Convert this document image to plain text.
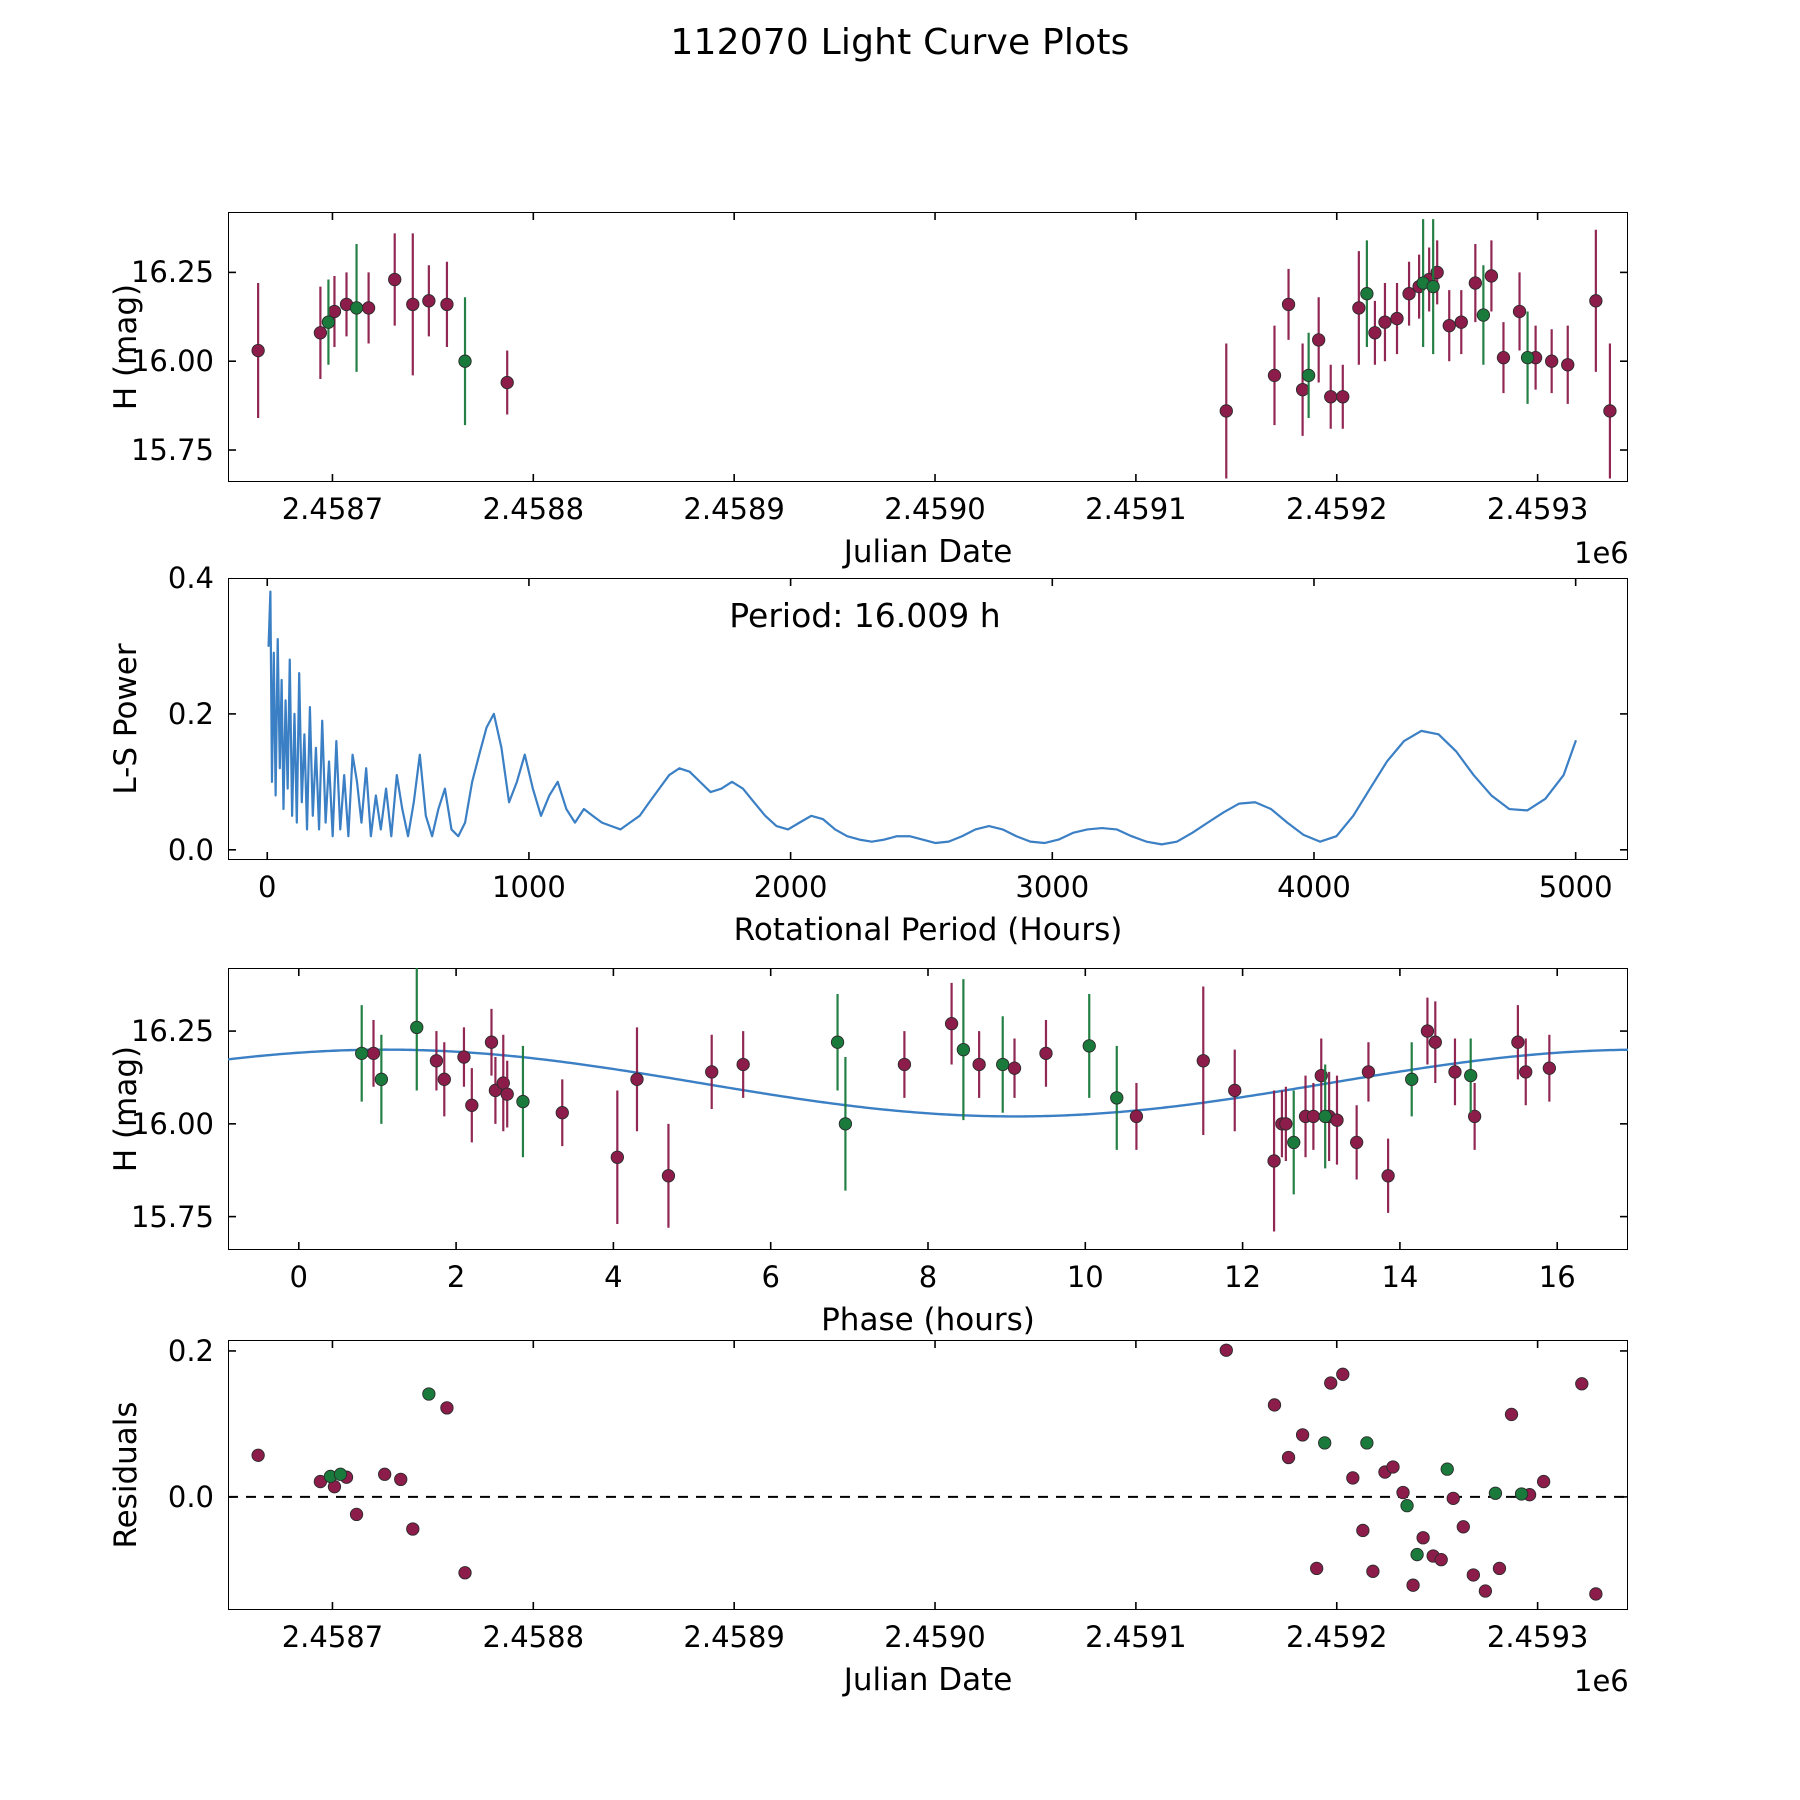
112070 Light Curve Plots
2.4587	2.4588	2.4589	2.4590	2.4591	2.4592	2.4593
15.75
16.00
16.25
1e6
Julian Date
H (mag)
0	1000	2000	3000	4000	5000
0.0
0.2
0.4
Rotational Period (Hours)
L-S Power
Period: 16.009 h
0	2	4	6	8	10	12	14	16
15.75
16.00
16.25
Phase (hours)
H (mag)
2.4587	2.4588	2.4589	2.4590	2.4591	2.4592	2.4593
0.0
0.2
1e6
Julian Date
Residuals
